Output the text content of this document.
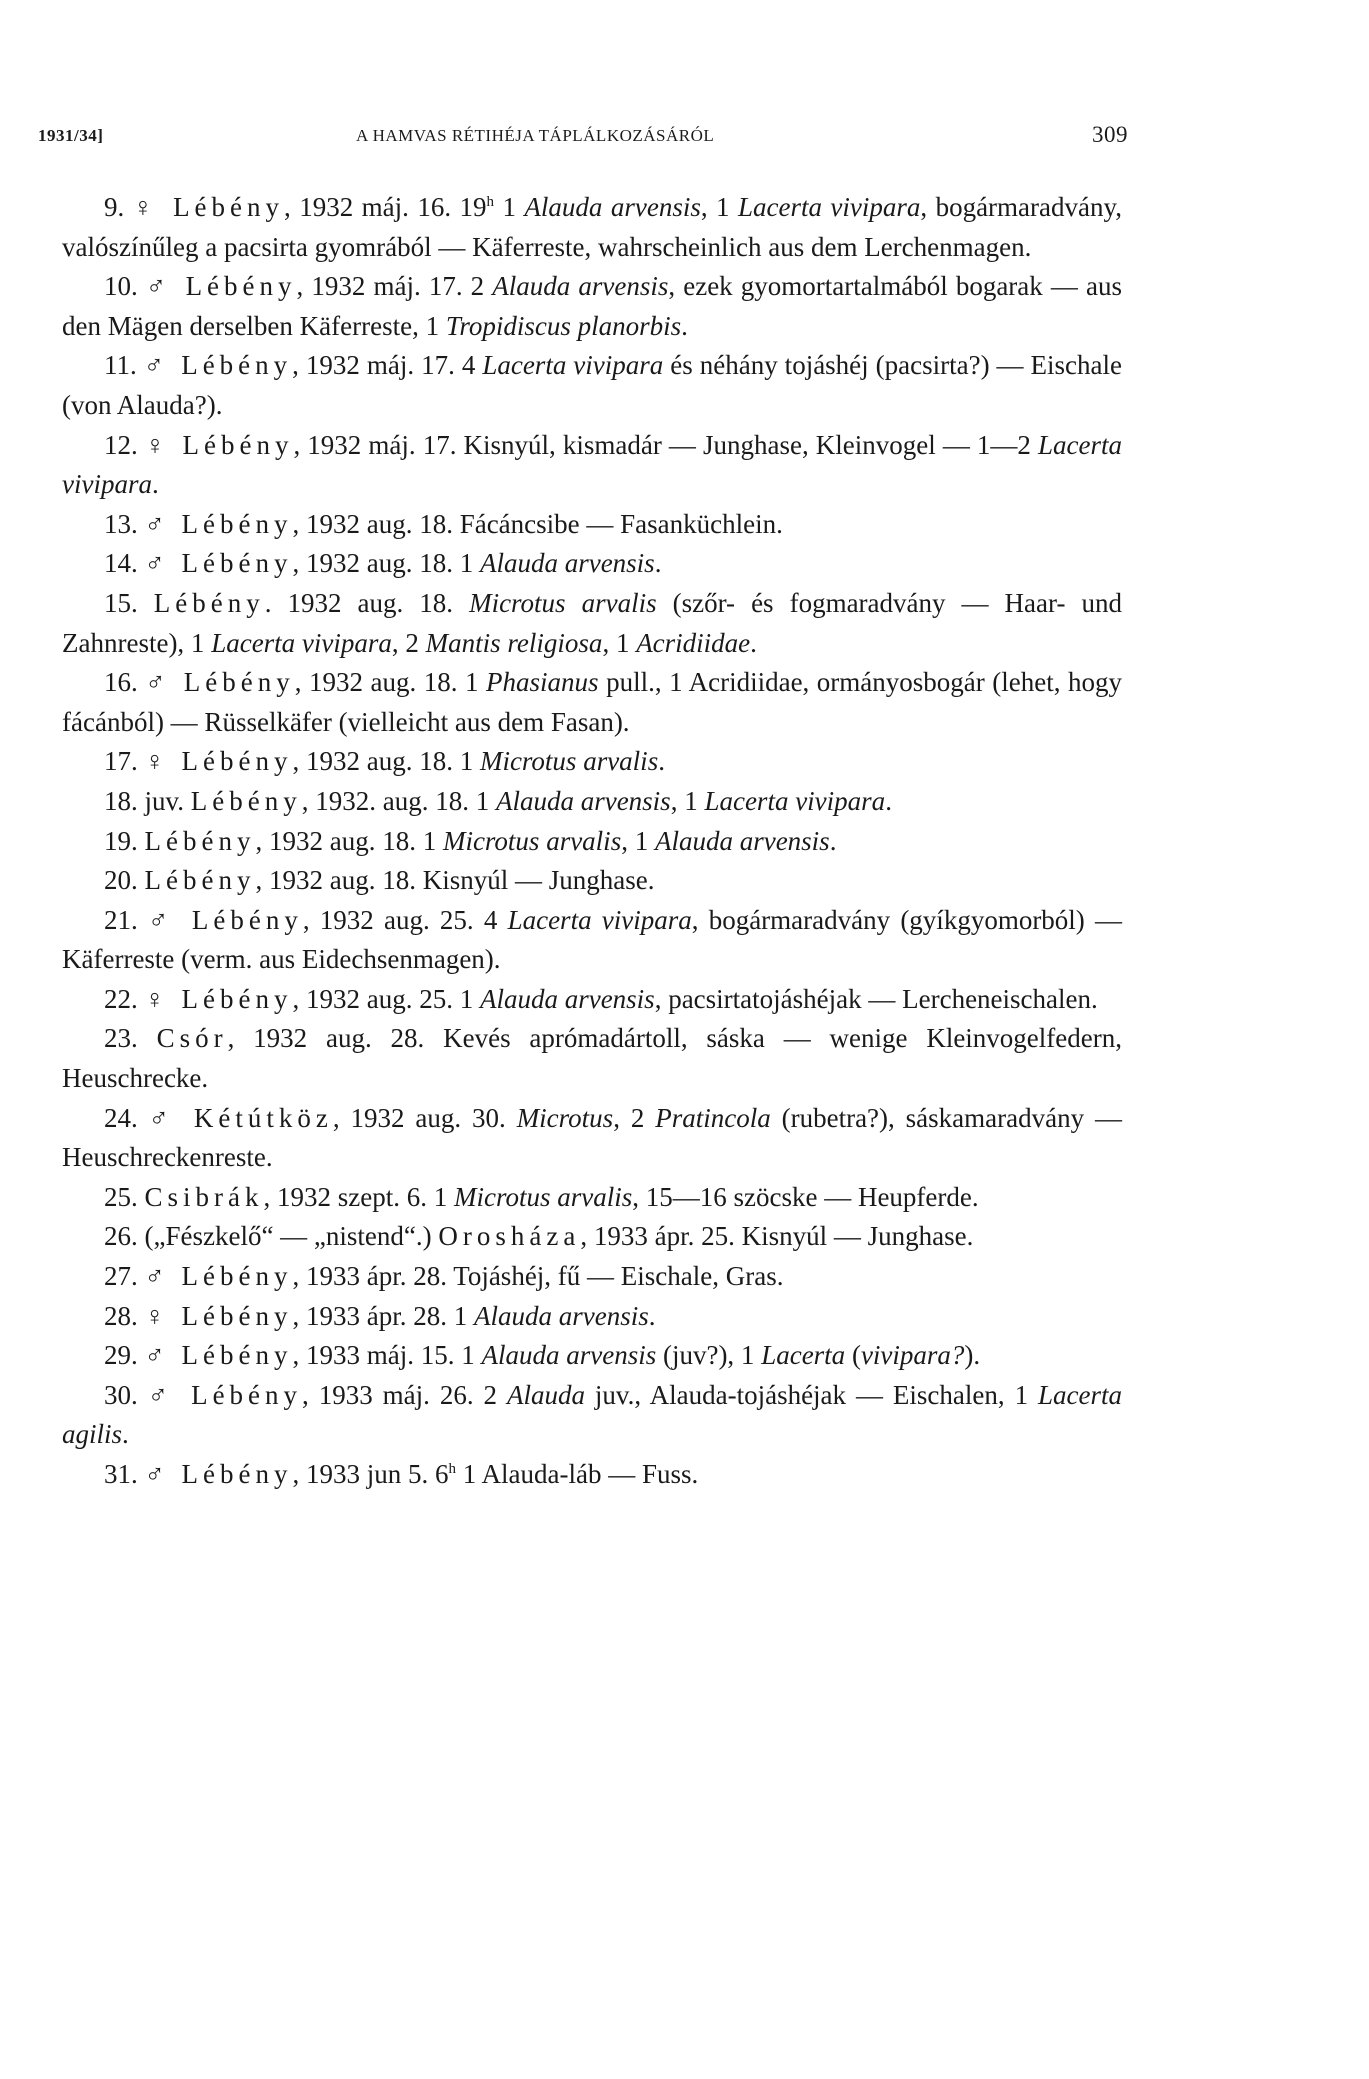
1931/34]	A HAMVAS RÉTIHÉJA TÁPLÁLKOZÁSÁRÓL	309

9. ♀ Lébény, 1932 máj. 16. 19$^h$ 1 Alauda arvensis, 1 Lacerta vivipara, bogármaradvány, valószínűleg a pacsirta gyomrából — Käferreste, wahrscheinlich aus dem Lerchenmagen.

10. ♂ Lébény, 1932 máj. 17. 2 Alauda arvensis, ezek gyomortartalmából bogarak — aus den Mägen derselben Käferreste, 1 Tropidiscus planorbis.

11. ♂ Lébény, 1932 máj. 17. 4 Lacerta vivipara és néhány tojáshéj (pacsirta?) — Eischale (von Alauda?).

12. ♀ Lébény, 1932 máj. 17. Kisnyúl, kismadár — Junghase, Kleinvogel — 1—2 Lacerta vivipara.

13. ♂ Lébény, 1932 aug. 18. Fácáncsibe — Fasanküchlein.

14. ♂ Lébény, 1932 aug. 18. 1 Alauda arvensis.

15. Lébény. 1932 aug. 18. Microtus arvalis (szőr- és fogmaradvány — Haar- und Zahnreste), 1 Lacerta vivipara, 2 Mantis religiosa, 1 Acridiidae.

16. ♂ Lébény, 1932 aug. 18. 1 Phasianus pull., 1 Acridiidae, ormányosbogár (lehet, hogy fácánból) — Rüsselkäfer (vielleicht aus dem Fasan).

17. ♀ Lébény, 1932 aug. 18. 1 Microtus arvalis.

18. juv. Lébény, 1932. aug. 18. 1 Alauda arvensis, 1 Lacerta vivipara.

19. Lébény, 1932 aug. 18. 1 Microtus arvalis, 1 Alauda arvensis.

20. Lébény, 1932 aug. 18. Kisnyúl — Junghase.

21. ♂ Lébény, 1932 aug. 25. 4 Lacerta vivipara, bogármaradvány (gyíkgyomorból) — Käferreste (verm. aus Eidechsenmagen).

22. ♀ Lébény, 1932 aug. 25. 1 Alauda arvensis, pacsirtatojáshéjak — Lercheneischalen.

23. Csór, 1932 aug. 28. Kevés aprómadártoll, sáska — wenige Kleinvogelfedern, Heuschrecke.

24. ♂ Kétútköz, 1932 aug. 30. Microtus, 2 Pratincola (rubetra?), sáskamaradvány — Heuschreckenreste.

25. Csibrák, 1932 szept. 6. 1 Microtus arvalis, 15—16 szöcske — Heupferde.

26. („Fészkelő“ — „nistend“.) Orosháza, 1933 ápr. 25. Kisnyúl — Junghase.

27. ♂ Lébény, 1933 ápr. 28. Tojáshéj, fű — Eischale, Gras.

28. ♀ Lébény, 1933 ápr. 28. 1 Alauda arvensis.

29. ♂ Lébény, 1933 máj. 15. 1 Alauda arvensis (juv?), 1 Lacerta (vivipara?).

30. ♂ Lébény, 1933 máj. 26. 2 Alauda juv., Alauda-tojáshéjak — Eischalen, 1 Lacerta agilis.

31. ♂ Lébény, 1933 jun 5. 6$^h$ 1 Alauda-láb — Fuss.
